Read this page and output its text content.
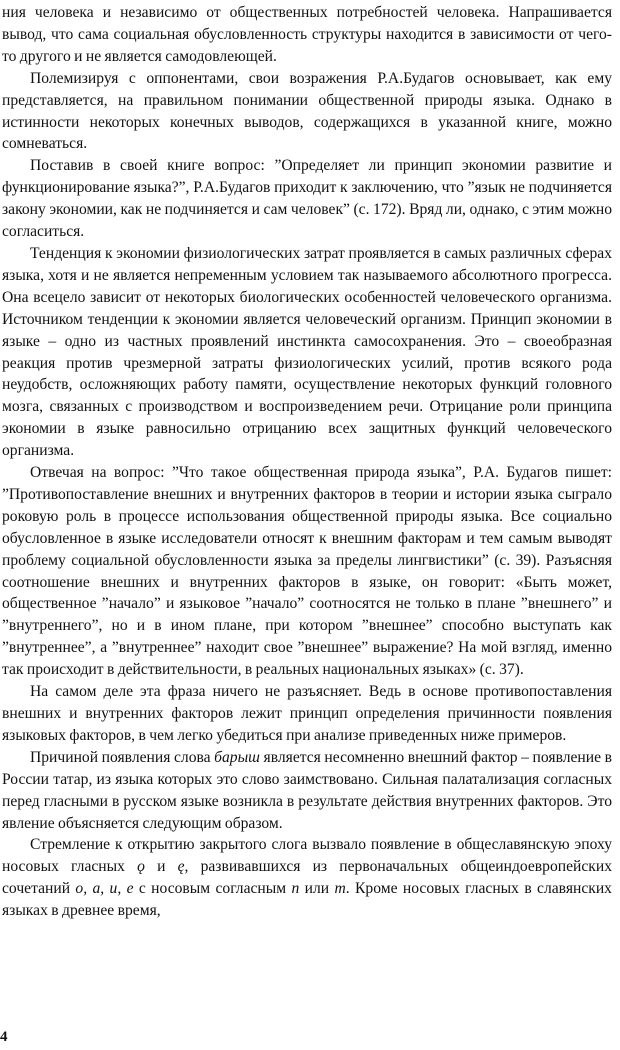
ния человека и независимо от общественных потребностей человека. Напрашивается вывод, что сама социальная обусловленность структуры находится в зависимости от чего-то другого и не является самодовлеющей.

Полемизируя с оппонентами, свои возражения Р.А.Будагов основывает, как ему представляется, на правильном понимании общественной природы языка. Однако в истинности некоторых конечных выводов, содержащихся в указанной книге, можно сомневаться.

Поставив в своей книге вопрос: ”Определяет ли принцип экономии развитие и функционирование языка?”, Р.А.Будагов приходит к заключению, что ”язык не подчиняется закону экономии, как не подчиняется и сам человек” (с. 172). Вряд ли, однако, с этим можно согласиться.

Тенденция к экономии физиологических затрат проявляется в самых различных сферах языка, хотя и не является непременным условием так называемого абсолютного прогресса. Она всецело зависит от некоторых биологических особенностей человеческого организма. Источником тенденции к экономии является человеческий организм. Принцип экономии в языке – одно из частных проявлений инстинкта самосохранения. Это – своеобразная реакция против чрезмерной затраты физиологических усилий, против всякого рода неудобств, осложняющих работу памяти, осуществление некоторых функций головного мозга, связанных с производством и воспроизведением речи. Отрицание роли принципа экономии в языке равносильно отрицанию всех защитных функций человеческого организма.

Отвечая на вопрос: ”Что такое общественная природа языка”, Р.А. Будагов пишет: ”Противопоставление внешних и внутренних факторов в теории и истории языка сыграло роковую роль в процессе использования общественной природы языка. Все социально обусловленное в языке исследователи относят к внешним факторам и тем самым выводят проблему социальной обусловленности языка за пределы лингвистики” (с. 39). Разъясняя соотношение внешних и внутренних факторов в языке, он говорит: «Быть может, общественное ”начало” и языковое ”начало” соотносятся не только в плане ”внешнего” и ”внутреннего”, но и в ином плане, при котором ”внешнее” способно выступать как ”внутреннее”, а ”внутреннее” находит свое ”внешнее” выражение? На мой взгляд, именно так происходит в действительности, в реальных национальных языках» (с. 37).

На самом деле эта фраза ничего не разъясняет. Ведь в основе противопоставления внешних и внутренних факторов лежит принцип определения причинности появления языковых факторов, в чем легко убедиться при анализе приведенных ниже примеров.

Причиной появления слова барыш является несомненно внешний фактор – появление в России татар, из языка которых это слово заимствовано. Сильная палатализация согласных перед гласными в русском языке возникла в результате действия внутренних факторов. Это явление объясняется следующим образом.

Стремление к открытию закрытого слога вызвало появление в общеславянскую эпоху носовых гласных ǫ и ę, развивавшихся из первоначальных общеиндоевропейских сочетаний o, a, u, e с носовым согласным n или m. Кроме носовых гласных в славянских языках в древнее время,

4
